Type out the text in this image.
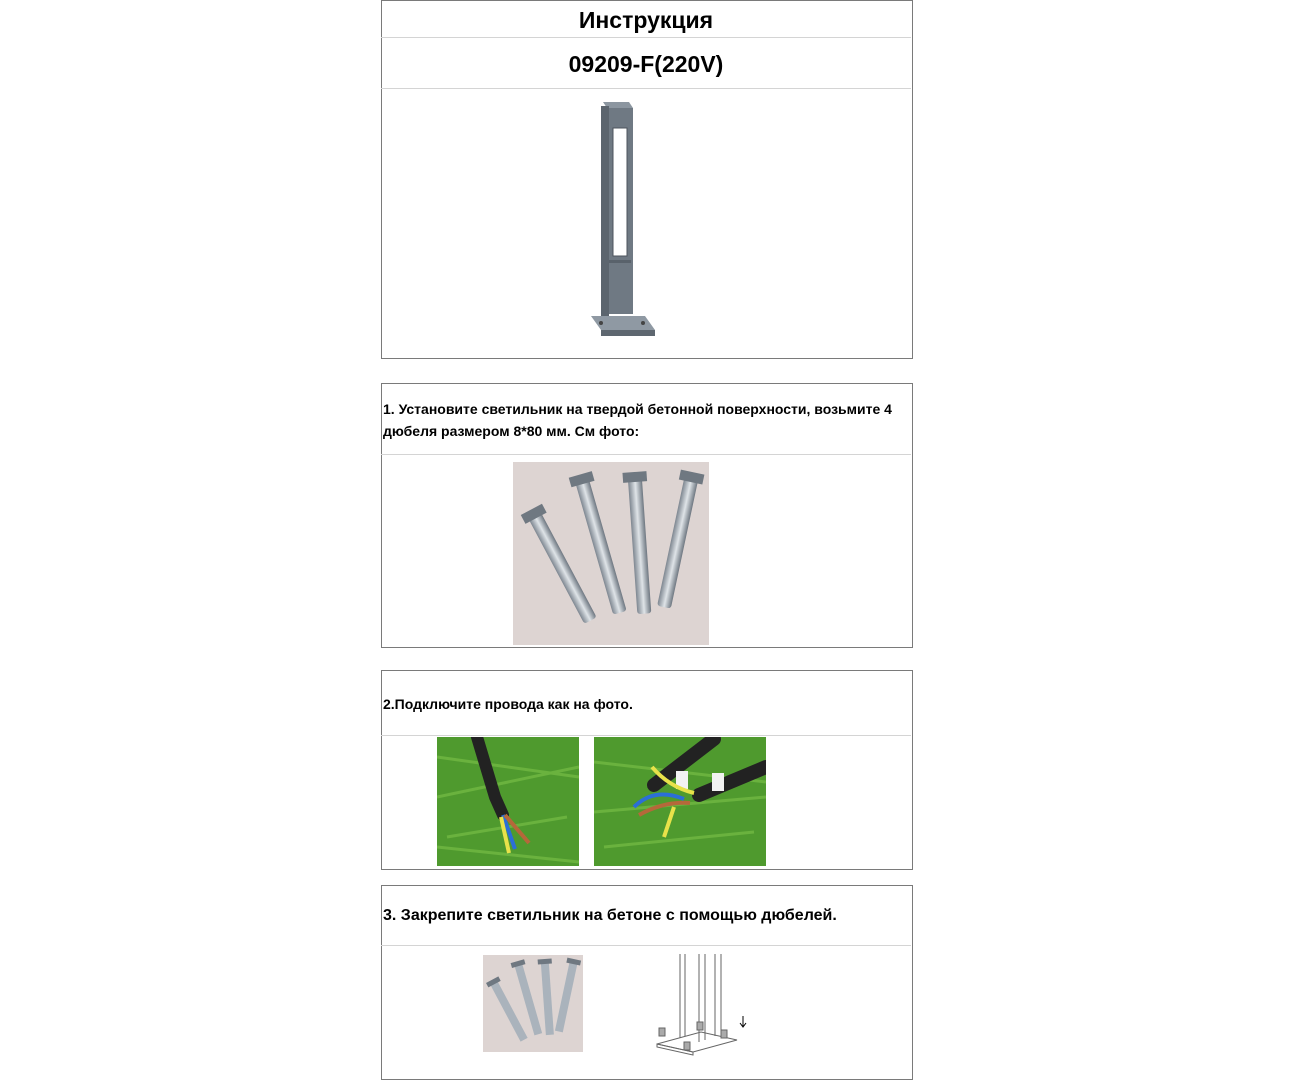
Инструкция
09209-F(220V)
1. Установите светильник на твердой бетонной поверхности, возьмите 4 дюбеля размером 8*80 мм. См фото:
2.Подключите провода как на фото.
3. Закрепите светильник на бетоне с помощью дюбелей.
